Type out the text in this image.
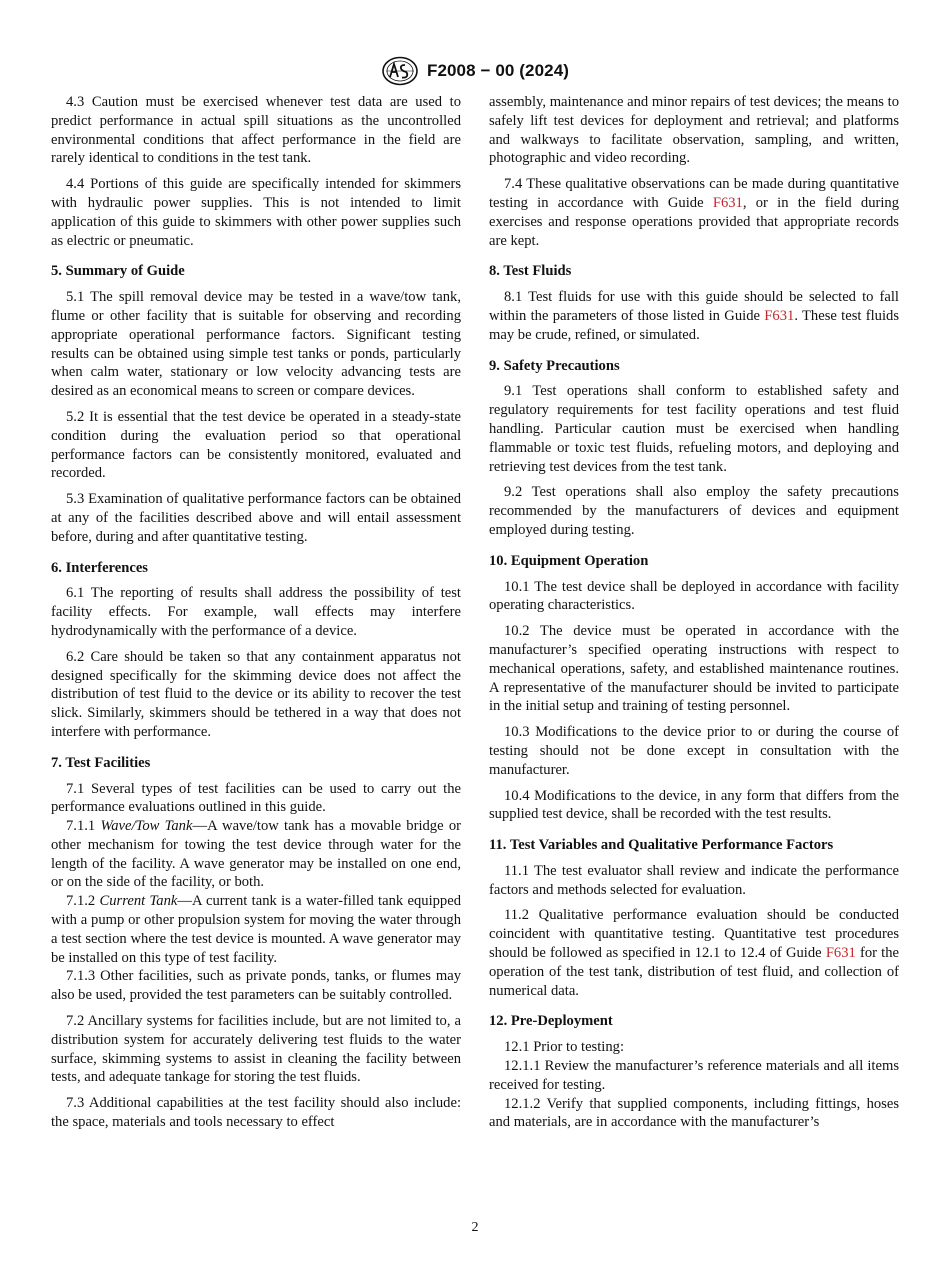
F2008 − 00 (2024)

4.3 Caution must be exercised whenever test data are used to predict performance in actual spill situations as the uncontrolled environmental conditions that affect performance in the field are rarely identical to conditions in the test tank.

4.4 Portions of this guide are specifically intended for skimmers with hydraulic power supplies. This is not intended to limit application of this guide to skimmers with other power supplies such as electric or pneumatic.

5. Summary of Guide

5.1 The spill removal device may be tested in a wave/tow tank, flume or other facility that is suitable for observing and recording appropriate operational performance factors. Significant testing results can be obtained using simple test tanks or ponds, particularly when calm water, stationary or low velocity advancing tests are desired as an economical means to screen or compare devices.

5.2 It is essential that the test device be operated in a steady-state condition during the evaluation period so that operational performance factors can be consistently monitored, evaluated and recorded.

5.3 Examination of qualitative performance factors can be obtained at any of the facilities described above and will entail assessment before, during and after quantitative testing.

6. Interferences

6.1 The reporting of results shall address the possibility of test facility effects. For example, wall effects may interfere hydrodynamically with the performance of a device.

6.2 Care should be taken so that any containment apparatus not designed specifically for the skimming device does not affect the distribution of test fluid to the device or its ability to recover the test slick. Similarly, skimmers should be tethered in a way that does not interfere with performance.

7. Test Facilities

7.1 Several types of test facilities can be used to carry out the performance evaluations outlined in this guide.

7.1.1 Wave/Tow Tank—A wave/tow tank has a movable bridge or other mechanism for towing the test device through water for the length of the facility. A wave generator may be installed on one end, or on the side of the facility, or both.

7.1.2 Current Tank—A current tank is a water-filled tank equipped with a pump or other propulsion system for moving the water through a test section where the test device is mounted. A wave generator may be installed on this type of test facility.

7.1.3 Other facilities, such as private ponds, tanks, or flumes may also be used, provided the test parameters can be suitably controlled.

7.2 Ancillary systems for facilities include, but are not limited to, a distribution system for accurately delivering test fluids to the water surface, skimming systems to assist in cleaning the facility between tests, and adequate tankage for storing the test fluids.

7.3 Additional capabilities at the test facility should also include: the space, materials and tools necessary to effect

assembly, maintenance and minor repairs of test devices; the means to safely lift test devices for deployment and retrieval; and platforms and walkways to facilitate observation, sampling, and written, photographic and video recording.

7.4 These qualitative observations can be made during quantitative testing in accordance with Guide F631, or in the field during exercises and response operations provided that appropriate records are kept.

8. Test Fluids

8.1 Test fluids for use with this guide should be selected to fall within the parameters of those listed in Guide F631. These test fluids may be crude, refined, or simulated.

9. Safety Precautions

9.1 Test operations shall conform to established safety and regulatory requirements for test facility operations and test fluid handling. Particular caution must be exercised when handling flammable or toxic test fluids, refueling motors, and deploying and retrieving test devices from the test tank.

9.2 Test operations shall also employ the safety precautions recommended by the manufacturers of devices and equipment employed during testing.

10. Equipment Operation

10.1 The test device shall be deployed in accordance with facility operating characteristics.

10.2 The device must be operated in accordance with the manufacturer’s specified operating instructions with respect to mechanical operations, safety, and established maintenance routines. A representative of the manufacturer should be invited to participate in the initial setup and training of testing personnel.

10.3 Modifications to the device prior to or during the course of testing should not be done except in consultation with the manufacturer.

10.4 Modifications to the device, in any form that differs from the supplied test device, shall be recorded with the test results.

11. Test Variables and Qualitative Performance Factors

11.1 The test evaluator shall review and indicate the performance factors and methods selected for evaluation.

11.2 Qualitative performance evaluation should be conducted coincident with quantitative testing. Quantitative test procedures should be followed as specified in 12.1 to 12.4 of Guide F631 for the operation of the test tank, distribution of test fluid, and collection of numerical data.

12. Pre-Deployment

12.1 Prior to testing:

12.1.1 Review the manufacturer’s reference materials and all items received for testing.

12.1.2 Verify that supplied components, including fittings, hoses and materials, are in accordance with the manufacturer’s

2
